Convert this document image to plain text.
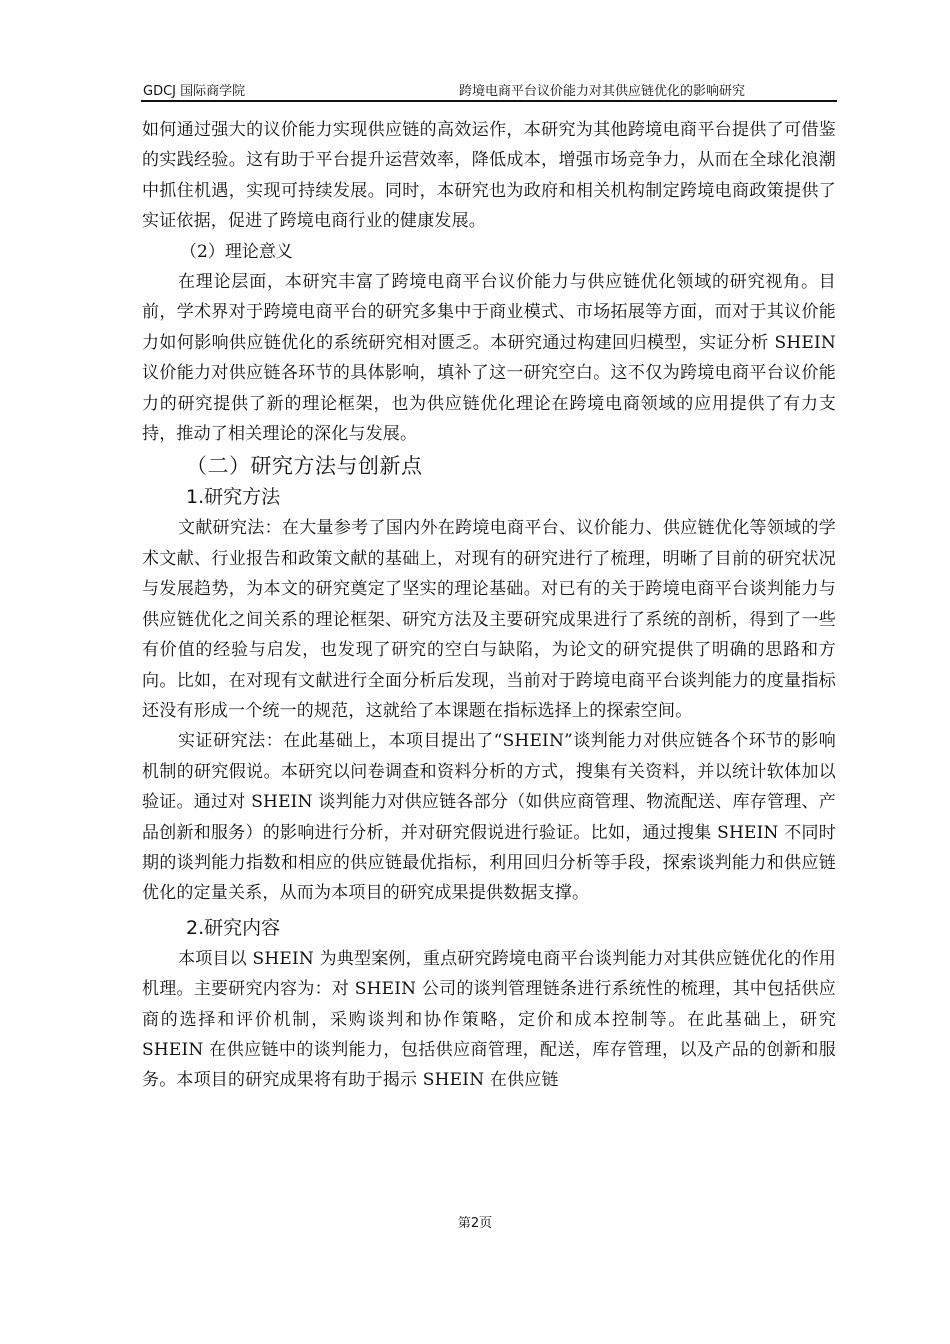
GDCJ 国际商学院	跨境电商平台议价能力对其供应链优化的影响研究

如何通过强大的议价能力实现供应链的高效运作，本研究为其他跨境电商平台提供了可借鉴的实践经验。这有助于平台提升运营效率，降低成本，增强市场竞争力，从而在全球化浪潮中抓住机遇，实现可持续发展。同时，本研究也为政府和相关机构制定跨境电商政策提供了实证依据，促进了跨境电商行业的健康发展。

（2）理论意义

在理论层面，本研究丰富了跨境电商平台议价能力与供应链优化领域的研究视角。目前，学术界对于跨境电商平台的研究多集中于商业模式、市场拓展等方面，而对于其议价能力如何影响供应链优化的系统研究相对匮乏。本研究通过构建回归模型，实证分析 SHEIN 议价能力对供应链各环节的具体影响，填补了这一研究空白。这不仅为跨境电商平台议价能力的研究提供了新的理论框架，也为供应链优化理论在跨境电商领域的应用提供了有力支持，推动了相关理论的深化与发展。

（二）研究方法与创新点
1.研究方法

文献研究法：在大量参考了国内外在跨境电商平台、议价能力、供应链优化等领域的学术文献、行业报告和政策文献的基础上，对现有的研究进行了梳理，明晰了目前的研究状况与发展趋势，为本文的研究奠定了坚实的理论基础。对已有的关于跨境电商平台谈判能力与供应链优化之间关系的理论框架、研究方法及主要研究成果进行了系统的剖析，得到了一些有价值的经验与启发，也发现了研究的空白与缺陷，为论文的研究提供了明确的思路和方向。比如，在对现有文献进行全面分析后发现，当前对于跨境电商平台谈判能力的度量指标还没有形成一个统一的规范，这就给了本课题在指标选择上的探索空间。

实证研究法：在此基础上，本项目提出了“SHEIN”谈判能力对供应链各个环节的影响机制的研究假说。本研究以问卷调查和资料分析的方式，搜集有关资料，并以统计软体加以验证。通过对 SHEIN 谈判能力对供应链各部分（如供应商管理、物流配送、库存管理、产品创新和服务）的影响进行分析，并对研究假说进行验证。比如，通过搜集 SHEIN 不同时期的谈判能力指数和相应的供应链最优指标，利用回归分析等手段，探索谈判能力和供应链优化的定量关系，从而为本项目的研究成果提供数据支撑。

2.研究内容

本项目以 SHEIN 为典型案例，重点研究跨境电商平台谈判能力对其供应链优化的作用机理。主要研究内容为：对 SHEIN 公司的谈判管理链条进行系统性的梳理，其中包括供应商的选择和评价机制，采购谈判和协作策略，定价和成本控制等。在此基础上，研究 SHEIN 在供应链中的谈判能力，包括供应商管理，配送，库存管理，以及产品的创新和服务。本项目的研究成果将有助于揭示 SHEIN 在供应链

第2页
